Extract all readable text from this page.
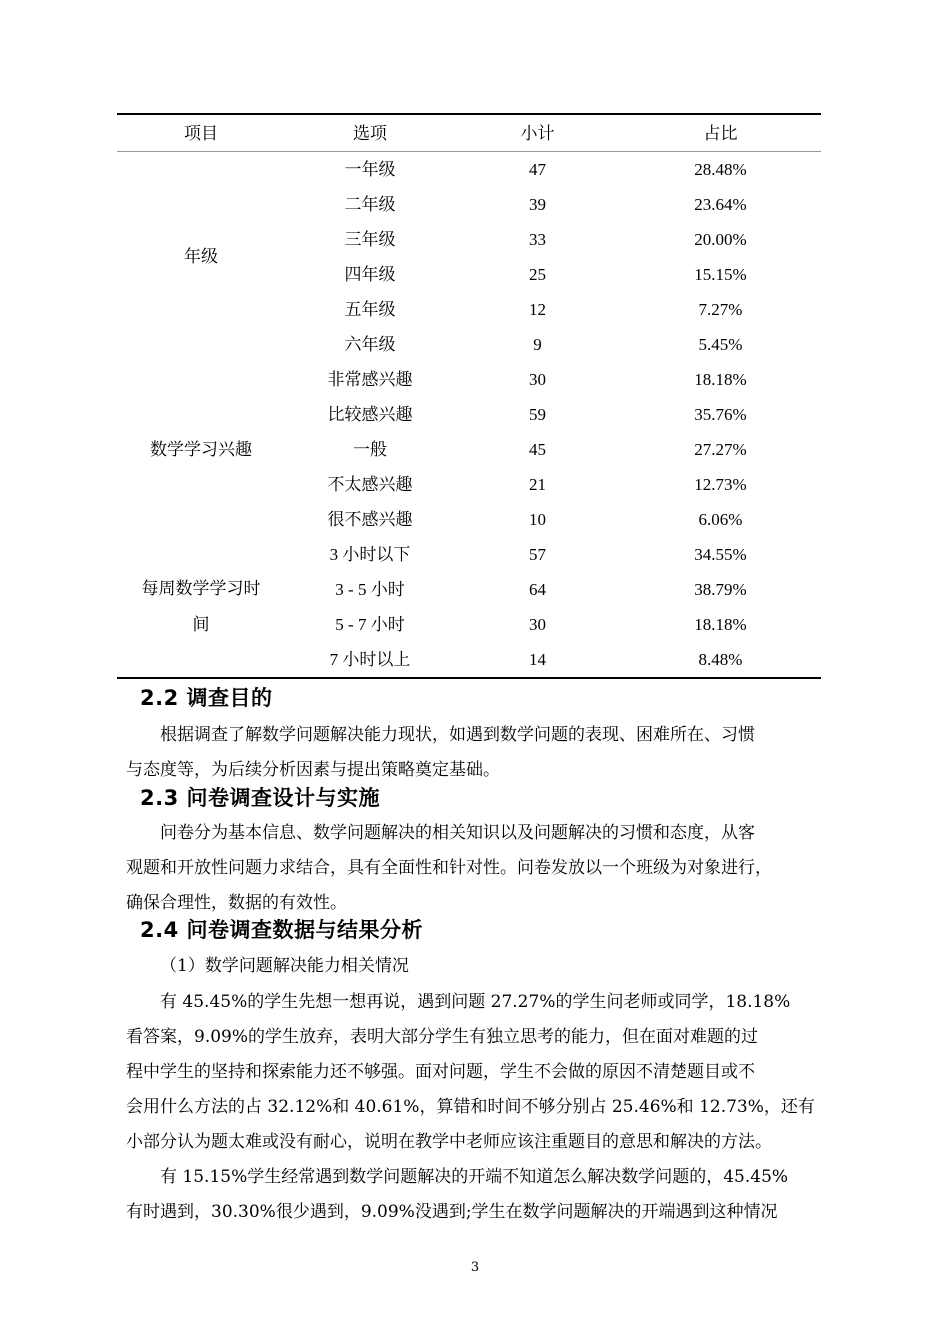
项目	选项	小计	占比

年级	一年级	47	28.48%
	二年级	39	23.64%
	三年级	33	20.00%
	四年级	25	15.15%
	五年级	12	7.27%
	六年级	9	5.45%

数学学习兴趣	非常感兴趣	30	18.18%
	比较感兴趣	59	35.76%
	一般	45	27.27%
	不太感兴趣	21	12.73%
	很不感兴趣	10	6.06%

每周数学学习时
间	3 小时以下	57	34.55%
	3 - 5 小时	64	38.79%
	5 - 7 小时	30	18.18%
	7 小时以上	14	8.48%
2.2 调查目的

根据调查了解数学问题解决能力现状，如遇到数学问题的表现、困难所在、习惯
与态度等，为后续分析因素与提出策略奠定基础。

2.3 问卷调查设计与实施

问卷分为基本信息、数学问题解决的相关知识以及问题解决的习惯和态度，从客
观题和开放性问题力求结合，具有全面性和针对性。问卷发放以一个班级为对象进行，
确保合理性，数据的有效性。

2.4 问卷调查数据与结果分析

（1）数学问题解决能力相关情况

有 45.45%的学生先想一想再说，遇到问题 27.27%的学生问老师或同学，18.18%
看答案，9.09%的学生放弃，表明大部分学生有独立思考的能力，但在面对难题的过
程中学生的坚持和探索能力还不够强。面对问题，学生不会做的原因不清楚题目或不
会用什么方法的占 32.12%和 40.61%，算错和时间不够分别占 25.46%和 12.73%，还有
小部分认为题太难或没有耐心，说明在教学中老师应该注重题目的意思和解决的方法。

有 15.15%学生经常遇到数学问题解决的开端不知道怎么解决数学问题的，45.45%
有时遇到，30.30%很少遇到，9.09%没遇到;学生在数学问题解决的开端遇到这种情况

3
